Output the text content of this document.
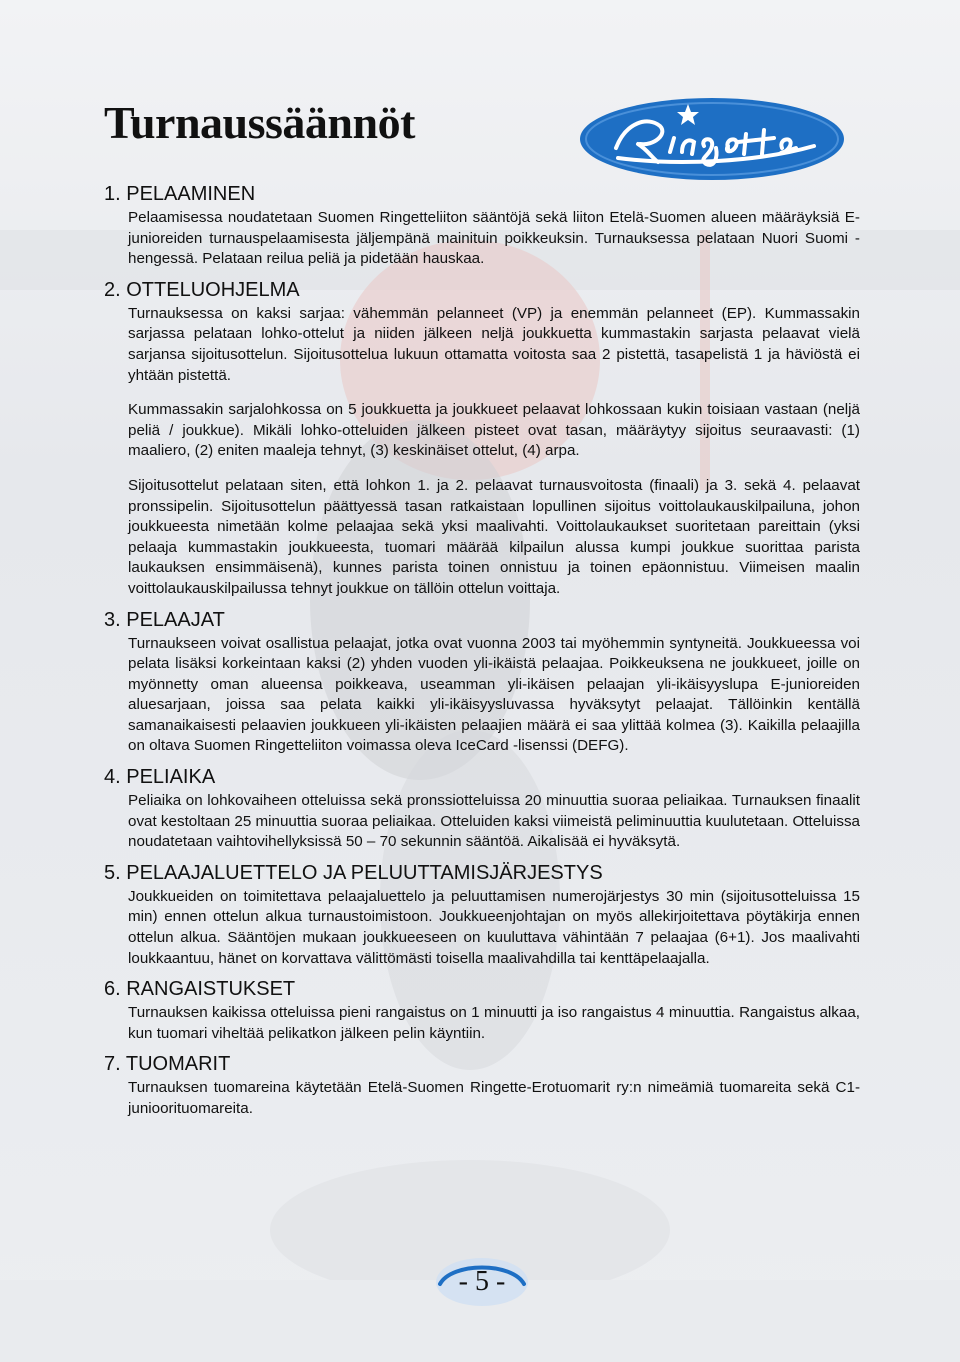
Turnaussäännöt
1. PELAAMINEN

Pelaamisessa noudatetaan Suomen Ringetteliiton sääntöjä sekä liiton Etelä-Suomen alueen määräyksiä E- junioreiden turnauspelaamisesta jäljempänä mainituin poikkeuksin. Turnauksessa pelataan Nuori Suomi - hengessä. Pelataan reilua peliä ja pidetään hauskaa.

2. OTTELUOHJELMA

Turnauksessa on kaksi sarjaa: vähemmän pelanneet (VP) ja enemmän pelanneet (EP). Kummassakin sarjassa pelataan lohko-ottelut ja niiden jälkeen neljä joukkuetta kummastakin sarjasta pelaavat vielä sarjansa sijoitusottelun. Sijoitusottelua lukuun ottamatta voitosta saa 2 pistettä, tasapelistä 1 ja häviöstä ei yhtään pistettä.

Kummassakin sarjalohkossa on 5 joukkuetta ja joukkueet pelaavat lohkossaan kukin toisiaan vastaan (neljä peliä / joukkue). Mikäli lohko-otteluiden jälkeen pisteet ovat tasan, määräytyy sijoitus seuraavasti: (1) maaliero, (2) eniten maaleja tehnyt, (3) keskinäiset ottelut, (4) arpa.

Sijoitusottelut pelataan siten, että lohkon 1. ja 2. pelaavat turnausvoitosta (finaali) ja 3. sekä 4. pelaavat pronssipelin. Sijoitusottelun päättyessä tasan ratkaistaan lopullinen sijoitus voittolaukauskilpailuna, johon joukkueesta nimetään kolme pelaajaa sekä yksi maalivahti. Voittolaukaukset suoritetaan pareittain (yksi pelaaja kummastakin joukkueesta, tuomari määrää kilpailun alussa kumpi joukkue suorittaa parista laukauksen ensimmäisenä), kunnes parista toinen onnistuu ja toinen epäonnistuu. Viimeisen maalin voittolaukauskilpailussa tehnyt joukkue on tällöin ottelun voittaja.

3. PELAAJAT

Turnaukseen voivat osallistua pelaajat, jotka ovat vuonna 2003 tai myöhemmin syntyneitä. Joukkueessa voi pelata lisäksi korkeintaan kaksi (2) yhden vuoden yli-ikäistä pelaajaa. Poikkeuksena ne joukkueet, joille on myönnetty oman alueensa poikkeava, useamman yli-ikäisen pelaajan yli-ikäisyyslupa E-junioreiden aluesarjaan, joissa saa pelata kaikki yli-ikäisyysluvassa hyväksytyt pelaajat. Tällöinkin kentällä samanaikaisesti pelaavien joukkueen yli-ikäisten pelaajien määrä ei saa ylittää kolmea (3). Kaikilla pelaajilla on oltava Suomen Ringetteliiton voimassa oleva IceCard -lisenssi (DEFG).

4. PELIAIKA

Peliaika on lohkovaiheen otteluissa sekä pronssiotteluissa 20 minuuttia suoraa peliaikaa. Turnauksen finaalit ovat kestoltaan 25 minuuttia suoraa peliaikaa. Otteluiden kaksi viimeistä peliminuuttia kuulutetaan. Otteluissa noudatetaan vaihtovihellyksissä 50 – 70 sekunnin sääntöä. Aikalisää ei hyväksytä.

5. PELAAJALUETTELO JA PELUUTTAMISJÄRJESTYS

Joukkueiden on toimitettava pelaajaluettelo ja peluuttamisen numerojärjestys 30 min (sijoitusotteluissa 15 min) ennen ottelun alkua turnaustoimistoon. Joukkueenjohtajan on myös allekirjoitettava pöytäkirja ennen ottelun alkua. Sääntöjen mukaan joukkueeseen on kuuluttava vähintään 7 pelaajaa (6+1). Jos maalivahti loukkaantuu, hänet on korvattava välittömästi toisella maalivahdilla tai kenttäpelaajalla.

6. RANGAISTUKSET

Turnauksen kaikissa otteluissa pieni rangaistus on 1 minuutti ja iso rangaistus 4 minuuttia. Rangaistus alkaa, kun tuomari viheltää pelikatkon jälkeen pelin käyntiin.

7. TUOMARIT

Turnauksen tuomareina käytetään Etelä-Suomen Ringette-Erotuomarit ry:n nimeämiä tuomareita sekä C1- junioorituomareita.

- 5 -
